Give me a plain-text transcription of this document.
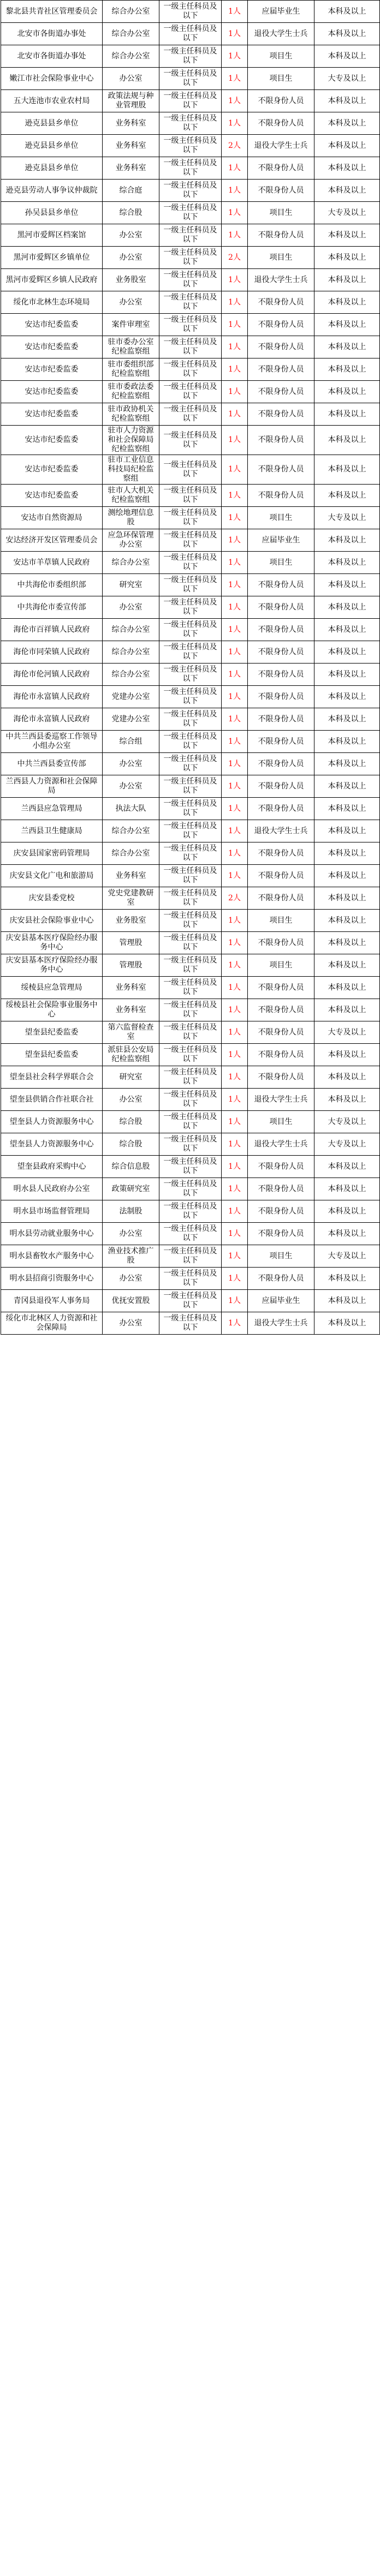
黎北县共青社区管理委员会	综合办公室	一级主任科员及以下	1人	应届毕业生	本科及以上
北安市各街道办事处	综合办公室	一级主任科员及以下	1人	退役大学生士兵	本科及以上
北安市各街道办事处	综合办公室	一级主任科员及以下	1人	项目生	本科及以上
嫩江市社会保险事业中心	办公室	一级主任科员及以下	1人	项目生	大专及以上
五大连池市农业农村局	政策法规与种业管理股	一级主任科员及以下	1人	不限身份人员	本科及以上
逊克县县乡单位	业务科室	一级主任科员及以下	1人	不限身份人员	本科及以上
逊克县县乡单位	业务科室	一级主任科员及以下	2人	退役大学生士兵	本科及以上
逊克县县乡单位	业务科室	一级主任科员及以下	1人	不限身份人员	本科及以上
逊克县劳动人事争议仲裁院	综合庭	一级主任科员及以下	1人	不限身份人员	本科及以上
孙吴县县乡单位	综合股	一级主任科员及以下	1人	项目生	大专及以上
黑河市爱辉区档案馆	办公室	一级主任科员及以下	1人	不限身份人员	本科及以上
黑河市爱辉区乡镇单位	办公室	一级主任科员及以下	2人	项目生	本科及以上
黑河市爱辉区乡镇人民政府	业务股室	一级主任科员及以下	1人	退役大学生士兵	本科及以上
绥化市北林生态环境局	办公室	一级主任科员及以下	1人	不限身份人员	本科及以上
安达市纪委监委	案件审理室	一级主任科员及以下	1人	不限身份人员	本科及以上
安达市纪委监委	驻市委办公室纪检监察组	一级主任科员及以下	1人	不限身份人员	本科及以上
安达市纪委监委	驻市委组织部纪检监察组	一级主任科员及以下	1人	不限身份人员	本科及以上
安达市纪委监委	驻市委政法委纪检监察组	一级主任科员及以下	1人	不限身份人员	本科及以上
安达市纪委监委	驻市政协机关纪检监察组	一级主任科员及以下	1人	不限身份人员	本科及以上
安达市纪委监委	驻市人力资源和社会保障局纪检监察组	一级主任科员及以下	1人	不限身份人员	本科及以上
安达市纪委监委	驻市工业信息科技局纪检监察组	一级主任科员及以下	1人	不限身份人员	本科及以上
安达市纪委监委	驻市人大机关纪检监察组	一级主任科员及以下	1人	不限身份人员	本科及以上
安达市自然资源局	测绘地理信息股	一级主任科员及以下	1人	项目生	大专及以上
安达经济开发区管理委员会	应急环保管理办公室	一级主任科员及以下	1人	应届毕业生	本科及以上
安达市羊草镇人民政府	综合办公室	一级主任科员及以下	1人	项目生	本科及以上
中共海伦市委组织部	研究室	一级主任科员及以下	1人	不限身份人员	本科及以上
中共海伦市委宣传部	办公室	一级主任科员及以下	1人	不限身份人员	本科及以上
海伦市百祥镇人民政府	综合办公室	一级主任科员及以下	1人	不限身份人员	本科及以上
海伦市同荣镇人民政府	综合办公室	一级主任科员及以下	1人	不限身份人员	本科及以上
海伦市伦河镇人民政府	综合办公室	一级主任科员及以下	1人	不限身份人员	本科及以上
海伦市永富镇人民政府	党建办公室	一级主任科员及以下	1人	不限身份人员	本科及以上
海伦市永富镇人民政府	党建办公室	一级主任科员及以下	1人	不限身份人员	本科及以上
中共兰西县委巡察工作领导小组办公室	综合组	一级主任科员及以下	1人	不限身份人员	本科及以上
中共兰西县委宣传部	办公室	一级主任科员及以下	1人	不限身份人员	本科及以上
兰西县人力资源和社会保障局	办公室	一级主任科员及以下	1人	不限身份人员	本科及以上
兰西县应急管理局	执法大队	一级主任科员及以下	1人	不限身份人员	本科及以上
兰西县卫生健康局	综合办公室	一级主任科员及以下	1人	退役大学生士兵	本科及以上
庆安县国家密码管理局	综合办公室	一级主任科员及以下	1人	不限身份人员	本科及以上
庆安县文化广电和旅游局	业务科室	一级主任科员及以下	1人	不限身份人员	本科及以上
庆安县委党校	党史党建教研室	一级主任科员及以下	2人	不限身份人员	本科及以上
庆安县社会保险事业中心	业务股室	一级主任科员及以下	1人	项目生	本科及以上
庆安县基本医疗保险经办服务中心	管理股	一级主任科员及以下	1人	不限身份人员	本科及以上
庆安县基本医疗保险经办服务中心	管理股	一级主任科员及以下	1人	项目生	本科及以上
绥棱县应急管理局	业务科室	一级主任科员及以下	1人	不限身份人员	本科及以上
绥棱县社会保险事业服务中心	业务科室	一级主任科员及以下	1人	不限身份人员	本科及以上
望奎县纪委监委	第六监督检查室	一级主任科员及以下	1人	不限身份人员	大专及以上
望奎县纪委监委	派驻县公安局纪检监察组	一级主任科员及以下	1人	不限身份人员	本科及以上
望奎县社会科学界联合会	研究室	一级主任科员及以下	1人	不限身份人员	本科及以上
望奎县供销合作社联合社	办公室	一级主任科员及以下	1人	退役大学生士兵	本科及以上
望奎县人力资源服务中心	综合股	一级主任科员及以下	1人	项目生	大专及以上
望奎县人力资源服务中心	综合股	一级主任科员及以下	1人	退役大学生士兵	大专及以上
望奎县政府采购中心	综合信息股	一级主任科员及以下	1人	不限身份人员	本科及以上
明水县人民政府办公室	政策研究室	一级主任科员及以下	1人	不限身份人员	本科及以上
明水县市场监督管理局	法制股	一级主任科员及以下	1人	不限身份人员	本科及以上
明水县劳动就业服务中心	办公室	一级主任科员及以下	1人	不限身份人员	本科及以上
明水县畜牧水产服务中心	渔业技术推广股	一级主任科员及以下	1人	项目生	大专及以上
明水县招商引资服务中心	办公室	一级主任科员及以下	1人	不限身份人员	本科及以上
青冈县退役军人事务局	优抚安置股	一级主任科员及以下	1人	应届毕业生	本科及以上
绥化市北林区人力资源和社会保障局	办公室	一级主任科员及以下	1人	退役大学生士兵	本科及以上
